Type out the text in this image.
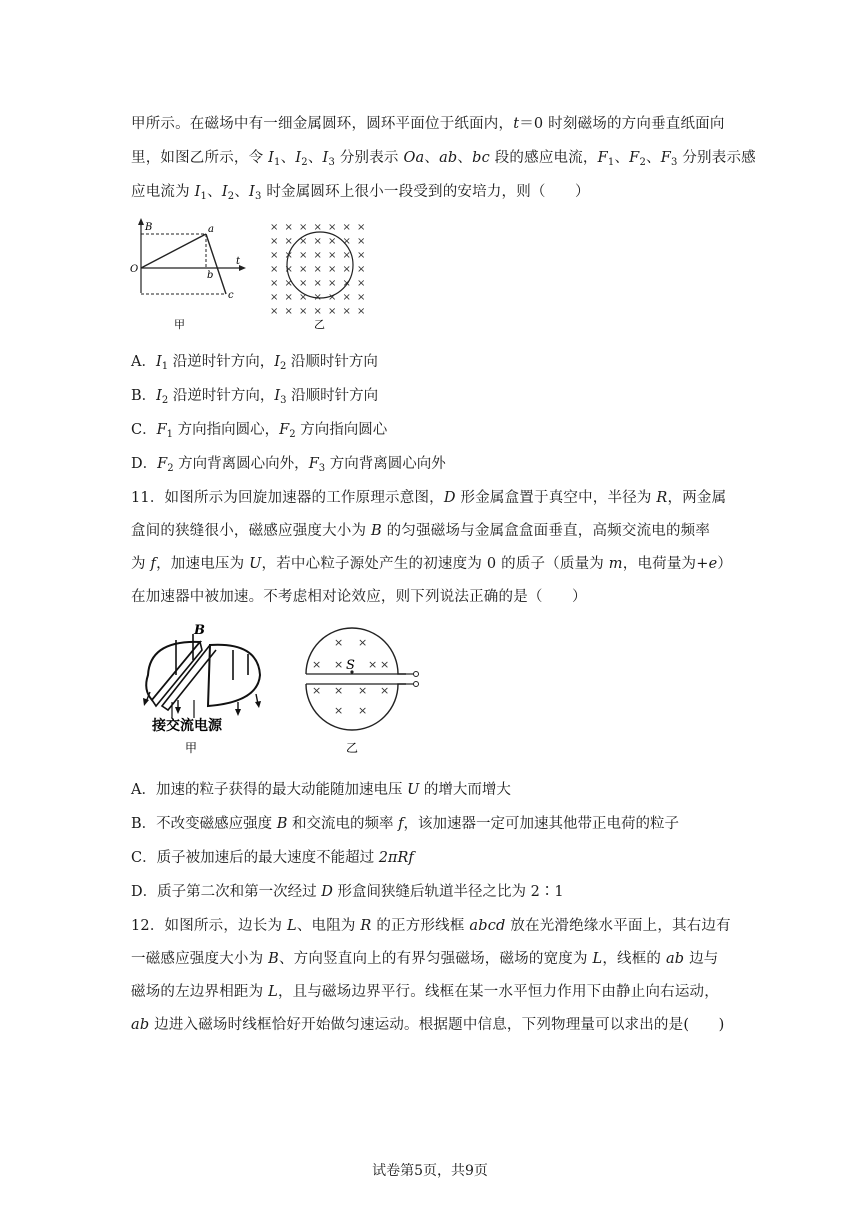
甲所示。在磁场中有一细金属圆环，圆环平面位于纸面内，t＝0 时刻磁场的方向垂直纸面向
里，如图乙所示，令 $I_1$、$I_2$、$I_3$ 分别表示 Oa、ab、bc 段的感应电流，$F_1$、$F_2$、$F_3$ 分别表示感
应电流为 $I_1$、$I_2$、$I_3$ 时金属圆环上很小一段受到的安培力，则（　　）
B
O
a
b
c
t
甲
× × × × × × ×
× × × × × × ×
× × × × × × ×
× × × × × × ×
× × × × × × ×
× × × × × × ×
× × × × × × ×
乙
A．$I_1$ 沿逆时针方向，$I_2$ 沿顺时针方向
B．$I_2$ 沿逆时针方向，$I_3$ 沿顺时针方向
C．$F_1$ 方向指向圆心，$F_2$ 方向指向圆心
D．$F_2$ 方向背离圆心向外，$F_3$ 方向背离圆心向外
11．如图所示为回旋加速器的工作原理示意图，D 形金属盒置于真空中，半径为 R，两金属
盒间的狭缝很小，磁感应强度大小为 B 的匀强磁场与金属盒盒面垂直，高频交流电的频率
为 f，加速电压为 U，若中心粒子源处产生的初速度为 0 的质子（质量为 m，电荷量为+e）
在加速器中被加速。不考虑相对论效应，则下列说法正确的是（　　）
B
接交流电源
甲
× ×
× × × ×
× × × ×
× ×
S
乙
A．加速的粒子获得的最大动能随加速电压 U 的增大而增大
B．不改变磁感应强度 B 和交流电的频率 f，该加速器一定可加速其他带正电荷的粒子
C．质子被加速后的最大速度不能超过 2πRf
D．质子第二次和第一次经过 D 形盒间狭缝后轨道半径之比为 2∶1
12．如图所示，边长为 L、电阻为 R 的正方形线框 abcd 放在光滑绝缘水平面上，其右边有
一磁感应强度大小为 B、方向竖直向上的有界匀强磁场，磁场的宽度为 L，线框的 ab 边与
磁场的左边界相距为 L，且与磁场边界平行。线框在某一水平恒力作用下由静止向右运动，
ab 边进入磁场时线框恰好开始做匀速运动。根据题中信息，下列物理量可以求出的是(　　)
试卷第5页，共9页
